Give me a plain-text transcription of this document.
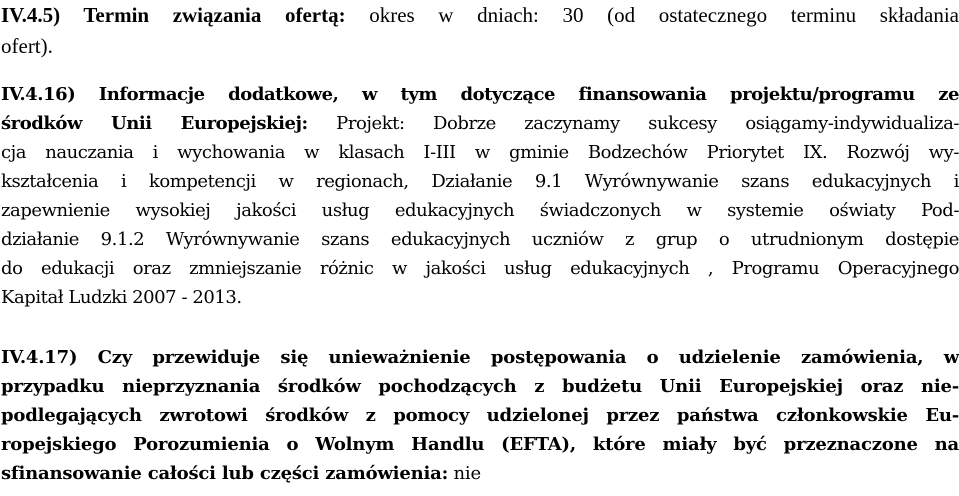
IV.4.5) Termin związania ofertą: okres w dniach: 30 (od ostatecznego terminu składania
ofert).
IV.4.16) Informacje dodatkowe, w tym dotyczące finansowania projektu/programu ze
środków Unii Europejskiej: Projekt: Dobrze zaczynamy sukcesy osiągamy-indywidualiza-
cja nauczania i wychowania w klasach I-III w gminie Bodzechów Priorytet IX. Rozwój wy-
kształcenia i kompetencji w regionach, Działanie 9.1 Wyrównywanie szans edukacyjnych i
zapewnienie wysokiej jakości usług edukacyjnych świadczonych w systemie oświaty Pod-
działanie 9.1.2 Wyrównywanie szans edukacyjnych uczniów z grup o utrudnionym dostępie
do edukacji oraz zmniejszanie różnic w jakości usług edukacyjnych , Programu Operacyjnego
Kapitał Ludzki 2007 - 2013.
IV.4.17) Czy przewiduje się unieważnienie postępowania o udzielenie zamówienia, w
przypadku nieprzyznania środków pochodzących z budżetu Unii Europejskiej oraz nie-
podlegających zwrotowi środków z pomocy udzielonej przez państwa członkowskie Eu-
ropejskiego Porozumienia o Wolnym Handlu (EFTA), które miały być przeznaczone na
sfinansowanie całości lub części zamówienia: nie
